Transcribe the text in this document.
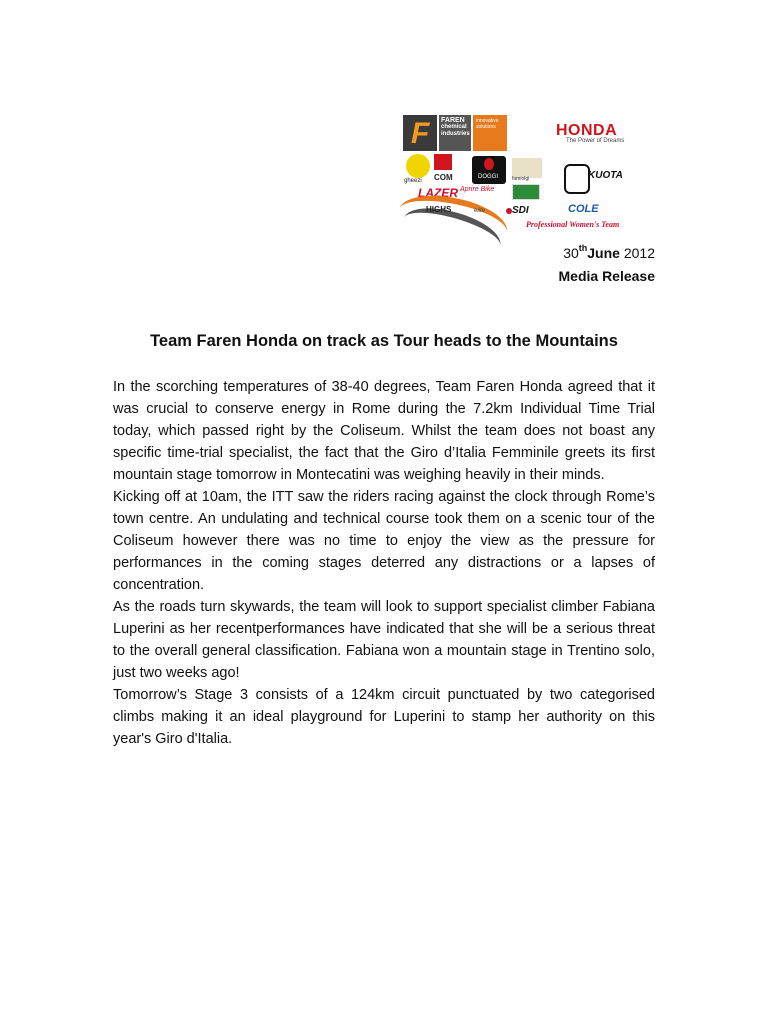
F FAREN
chemical industries
innovative solutions	HONDA
The Power of Dreams
gheezi COM	DOGGI	famiolgi	KUOTA
LAZER Aprire Bike
HIGHS	elite	SDI	COLE
Professional Women's Team
30thJune 2012
Media Release
Team Faren Honda on track as Tour heads to the Mountains

In the scorching temperatures of 38-40 degrees, Team Faren Honda agreed that it was crucial to conserve energy in Rome during the 7.2km Individual Time Trial today, which passed right by the Coliseum. Whilst the team does not boast any specific time-trial specialist, the fact that the Giro d’Italia Femminile greets its first mountain stage tomorrow in Montecatini was weighing heavily in their minds.

Kicking off at 10am, the ITT saw the riders racing against the clock through Rome’s town centre. An undulating and technical course took them on a scenic tour of the Coliseum however there was no time to enjoy the view as the pressure for performances in the coming stages deterred any distractions or a lapses of concentration.

As the roads turn skywards, the team will look to support specialist climber Fabiana Luperini as her recentperformances have indicated that she will be a serious threat to the overall general classification. Fabiana won a mountain stage in Trentino solo, just two weeks ago!

Tomorrow’s Stage 3 consists of a 124km circuit punctuated by two categorised climbs making it an ideal playground for Luperini to stamp her authority on this year's Giro d'Italia.
